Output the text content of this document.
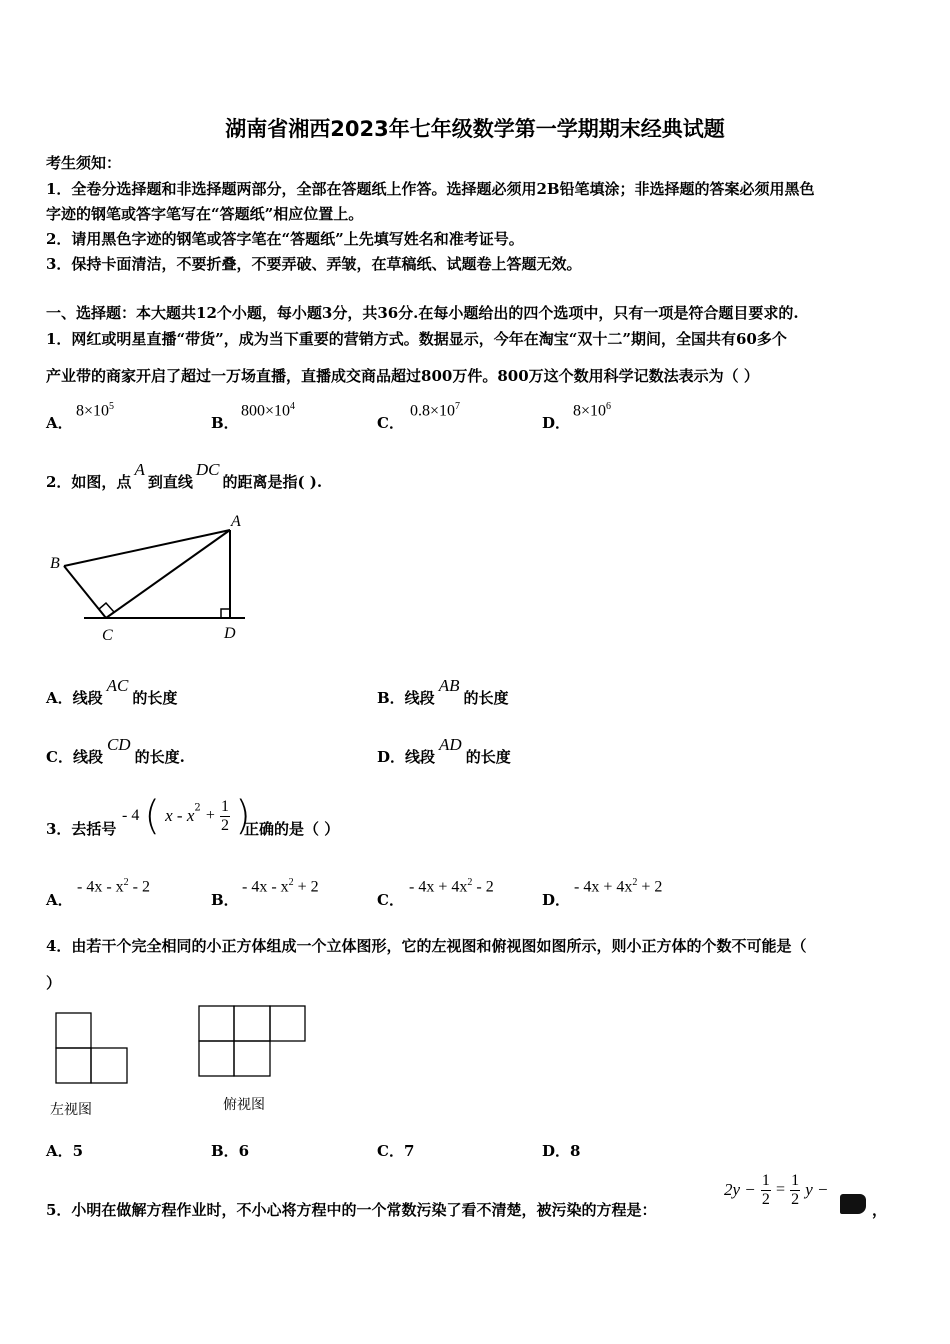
湖南省湘西2023年七年级数学第一学期期末经典试题
考生须知：
1．全卷分选择题和非选择题两部分，全部在答题纸上作答。选择题必须用2B铅笔填涂；非选择题的答案必须用黑色
字迹的钢笔或答字笔写在“答题纸”相应位置上。
2．请用黑色字迹的钢笔或答字笔在“答题纸”上先填写姓名和准考证号。
3．保持卡面清洁，不要折叠，不要弄破、弄皱，在草稿纸、试题卷上答题无效。
一、选择题：本大题共12个小题，每小题3分，共36分.在每小题给出的四个选项中，只有一项是符合题目要求的.
1．网红或明星直播“带货”，成为当下重要的营销方式。数据显示，今年在淘宝“双十二”期间，全国共有60多个
产业带的商家开启了超过一万场直播，直播成交商品超过800万件。800万这个数用科学记数法表示为（ ）
A．
$8\times 10^5$
B．
$800\times 10^4$
C．
$0.8\times 10^7$
D．
$8\times 10^6$
2．如图，点A到直线DC的距离是指( ).
B
A
C	D
A．线段AC的长度	B．线段AB的长度
C．线段CD的长度.	D．线段AD的长度
3．去括号
- 4 ( $x - x^2 + \frac{1}{2}$ )
正确的是（ ）
A．
- $4x - x^2 - 2$
B．
- $4x - x^2 + 2$
C．
- $4x + 4x^2 - 2$
D．
- $4x + 4x^2 + 2$
4．由若干个完全相同的小正方体组成一个立体图形，它的左视图和俯视图如图所示，则小正方体的个数不可能是（
）
左视图	俯视图
A．5	B．6	C．7	D．8
5．小明在做解方程作业时，不小心将方程中的一个常数污染了看不清楚，被污染的方程是：
$2y - \frac{1}{2} = \frac{1}{2}$ y −
，
